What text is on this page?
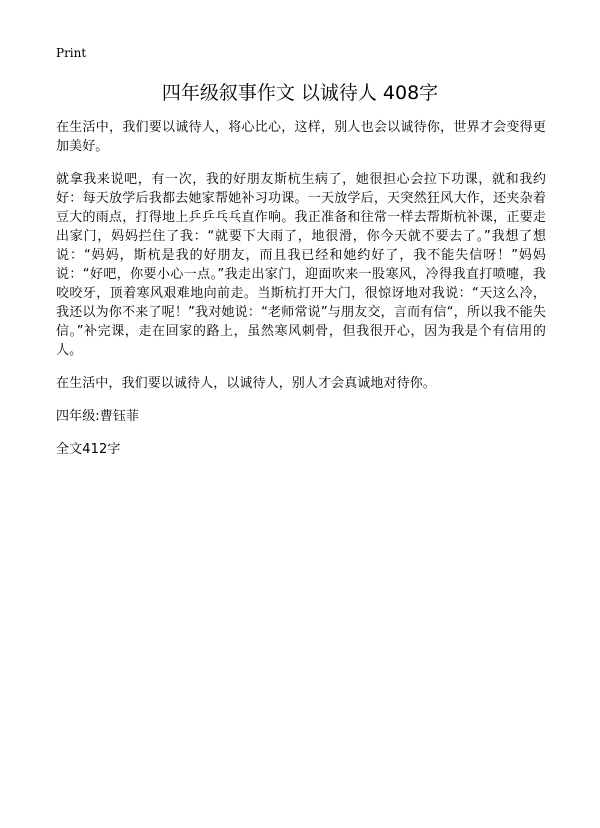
Print
四年级叙事作文 以诚待人 408字

在生活中，我们要以诚待人，将心比心，这样，别人也会以诚待你，世界才会变得更加美好。

就拿我来说吧，有一次，我的好朋友斯杭生病了，她很担心会拉下功课，就和我约好：每天放学后我都去她家帮她补习功课。一天放学后，天突然狂风大作，还夹杂着豆大的雨点，打得地上乒乒乓乓直作响。我正准备和往常一样去帮斯杭补课，正要走出家门，妈妈拦住了我：“就要下大雨了，地很滑，你今天就不要去了。”我想了想说：“妈妈，斯杭是我的好朋友，而且我已经和她约好了，我不能失信呀！”妈妈说：“好吧，你要小心一点。”我走出家门，迎面吹来一股寒风，冷得我直打喷嚏，我咬咬牙，顶着寒风艰难地向前走。当斯杭打开大门，很惊讶地对我说：“天这么冷，我还以为你不来了呢！”我对她说：“老师常说”与朋友交，言而有信“，所以我不能失信。”补完课，走在回家的路上，虽然寒风刺骨，但我很开心，因为我是个有信用的人。

在生活中，我们要以诚待人，以诚待人，别人才会真诚地对待你。

四年级:曹钰菲

全文412字
